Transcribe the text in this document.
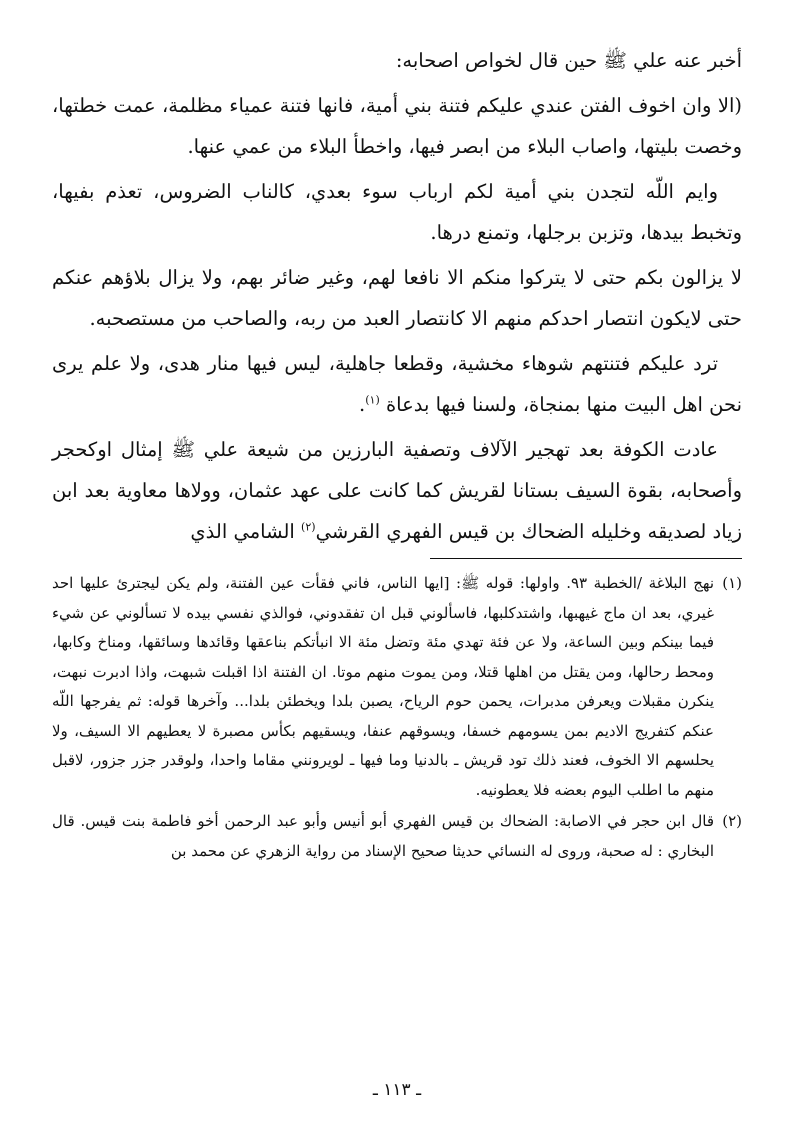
أخبر عنه علي ﷺ حين قال لخواص اصحابه:

(الا وان اخوف الفتن عندي عليكم فتنة بني أمية، فانها فتنة عمياء مظلمة، عمت خطتها، وخصت بليتها، واصاب البلاء من ابصر فيها، واخطأ البلاء من عمي عنها.

وايم اللّه لتجدن بني أمية لكم ارباب سوء بعدي، كالناب الضروس، تعذم بفيها، وتخبط بيدها، وتزبن برجلها، وتمنع درها.

لا يزالون بكم حتى لا يتركوا منكم الا نافعا لهم، وغير ضائر بهم، ولا يزال بلاؤهم عنكم حتى لايكون انتصار احدكم منهم الا كانتصار العبد من ربه، والصاحب من مستصحبه.

ترد عليكم فتنتهم شوهاء مخشية، وقطعا جاهلية، ليس فيها منار هدى، ولا علم يرى نحن اهل البيت منها بمنجاة، ولسنا فيها بدعاة $^{(١)}$.

عادت الكوفة بعد تهجير الآلاف وتصفية البارزين من شيعة علي ﷺ إمثال اوكحجر وأصحابه، بقوة السيف بستانا لقريش كما كانت على عهد عثمان، وولاها معاوية بعد ابن زياد لصديقه وخليله الضحاك بن قيس الفهري القرشي$^{(٢)}$ الشامي الذي

(١)
نهج البلاغة /الخطبة ٩٣. واولها: قوله ﷺ: [ايها الناس، فاني فقأت عين الفتنة، ولم يكن ليجترئ عليها احد غيري، بعد ان ماج غيهبها، واشتدكلبها، فاسألوني قبل ان تفقدوني، فوالذي نفسي بيده لا تسألوني عن شيء فيما بينكم وبين الساعة، ولا عن فئة تهدي مئة وتضل مئة الا انبأتكم بناعقها وقائدها وسائقها، ومناخ وكابها، ومحط رحالها، ومن يقتل من اهلها قتلا، ومن يموت منهم موتا. ان الفتنة اذا اقبلت شبهت، واذا ادبرت نبهت، ينكرن مقبلات ويعرفن مدبرات، يحمن حوم الرياح، يصبن بلدا ويخطئن بلدا... وآخرها قوله: ثم يفرجها اللّه عنكم كتفريج الاديم بمن يسومهم خسفا، ويسوقهم عنفا، ويسقيهم بكأس مصبرة لا يعطيهم الا السيف، ولا يحلسهم الا الخوف، فعند ذلك تود قريش ـ بالدنيا وما فيها ـ لويرونني مقاما واحدا، ولوقدر جزر جزور، لاقبل منهم ما اطلب اليوم بعضه فلا يعطونيه.
(٢)
قال ابن حجر في الاصابة: الضحاك بن قيس الفهري أبو أنيس وأبو عبد الرحمن أخو فاطمة بنت قيس. قال البخاري : له صحبة، وروى له النسائي حديثا صحيح الإسناد من رواية الزهري عن محمد بن
ـ ١١٣ ـ
